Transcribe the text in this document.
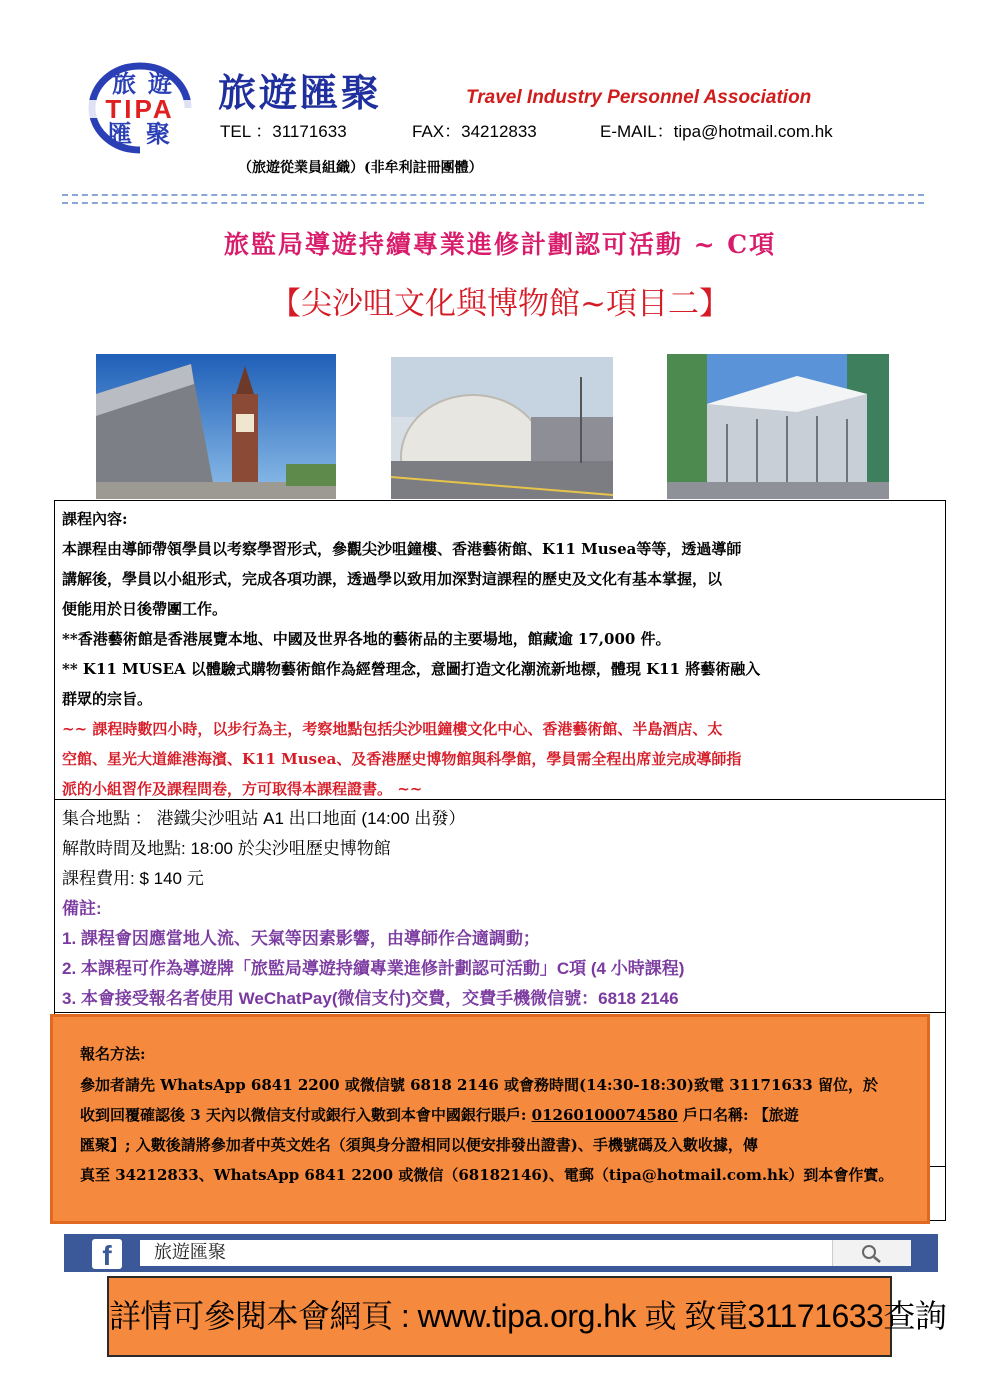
旅 遊
匯 聚
TIPA	旅遊匯聚	Travel Industry Personnel Association
TEL ：31171633	FAX：34212833	E-MAIL：tipa@hotmail.com.hk
（旅遊從業員組織）(非牟利註冊團體）
旅監局導遊持續專業進修計劃認可活動 ~ C項
【尖沙咀文化與博物館~項目二】
課程內容:
本課程由導師帶領學員以考察學習形式，參觀尖沙咀鐘樓、香港藝術館、K11 Musea等等，透過導師
講解後，學員以小組形式，完成各項功課，透過學以致用加深對這課程的歷史及文化有基本掌握，以
便能用於日後帶團工作。
**香港藝術館是香港展覽本地、中國及世界各地的藝術品的主要場地，館藏逾 17,000 件。
** K11 MUSEA 以體驗式購物藝術館作為經營理念，意圖打造文化潮流新地標，體現 K11 將藝術融入
群眾的宗旨。
~~ 課程時數四小時，以步行為主，考察地點包括尖沙咀鐘樓文化中心、香港藝術館、半島酒店、太
空館、星光大道維港海濱、K11 Musea、及香港歷史博物館與科學館，學員需全程出席並完成導師指
派的小組習作及課程問卷，方可取得本課程證書。 ~~
集合地點 ： 港鐵尖沙咀站 A1 出口地面 (14:00 出發）
解散時間及地點: 18:00 於尖沙咀歷史博物館
課程費用: $ 140 元
備註:
1. 課程會因應當地人流、天氣等因素影響，由導師作合適調動；
2. 本課程可作為導遊牌「旅監局導遊持續專業進修計劃認可活動」C項 (4 小時課程)
3. 本會接受報名者使用 WeChatPay(微信支付)交費，交費手機微信號：6818 2146
報名方法:
參加者請先 WhatsApp 6841 2200 或微信號 6818 2146 或會務時間(14:30-18:30)致電 31171633 留位，於
收到回覆確認後 3 天內以微信支付或銀行入數到本會中國銀行賬戶: 01260100074580 戶口名稱: 【旅遊
匯聚】; 入數後請將參加者中英文姓名（須與身分證相同以便安排發出證書)、手機號碼及入數收據，傳
真至 34212833、WhatsApp 6841 2200 或微信（68182146)、電郵（tipa@hotmail.com.hk）到本會作實。
f	旅遊匯聚
詳情可參閱本會網頁 : www.tipa.org.hk 或 致電31171633查詢
